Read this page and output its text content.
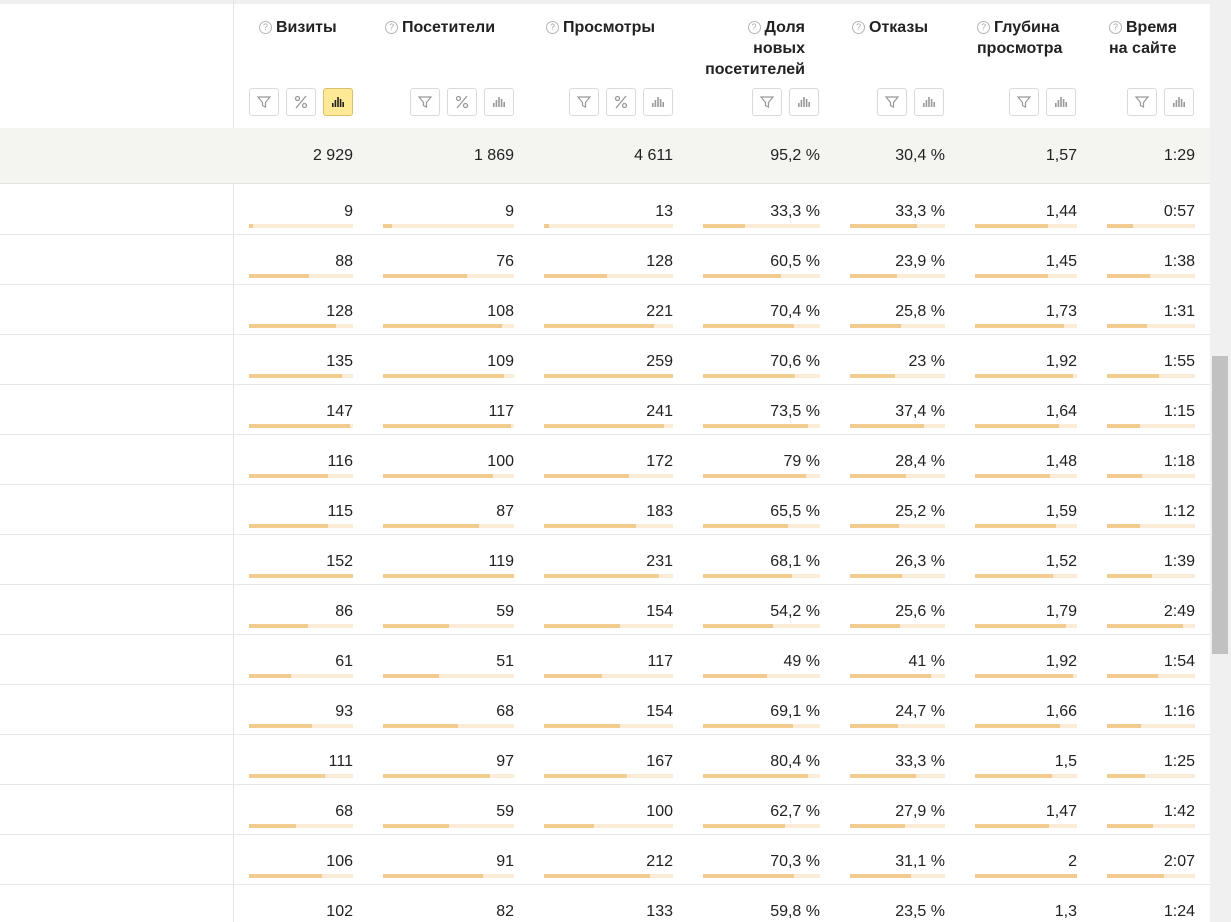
? Визиты	? Посетители	? Просмотры	? Доля
новых
посетителей
? Отказы	? Глубина
просмотра
? Время
на сайте
2 929	1 869	4 611	95,2 %	30,4 %	1,57	1:29
9	9	13	33,3 %	33,3 %	1,44	0:57
88	76	128	60,5 %	23,9 %	1,45	1:38
128	108	221	70,4 %	25,8 %	1,73	1:31
135	109	259	70,6 %	23 %	1,92	1:55
147	117	241	73,5 %	37,4 %	1,64	1:15
116	100	172	79 %	28,4 %	1,48	1:18
115	87	183	65,5 %	25,2 %	1,59	1:12
152	119	231	68,1 %	26,3 %	1,52	1:39
86	59	154	54,2 %	25,6 %	1,79	2:49
61	51	117	49 %	41 %	1,92	1:54
93	68	154	69,1 %	24,7 %	1,66	1:16
111	97	167	80,4 %	33,3 %	1,5	1:25
68	59	100	62,7 %	27,9 %	1,47	1:42
106	91	212	70,3 %	31,1 %	2	2:07
102	82	133	59,8 %	23,5 %	1,3	1:24
